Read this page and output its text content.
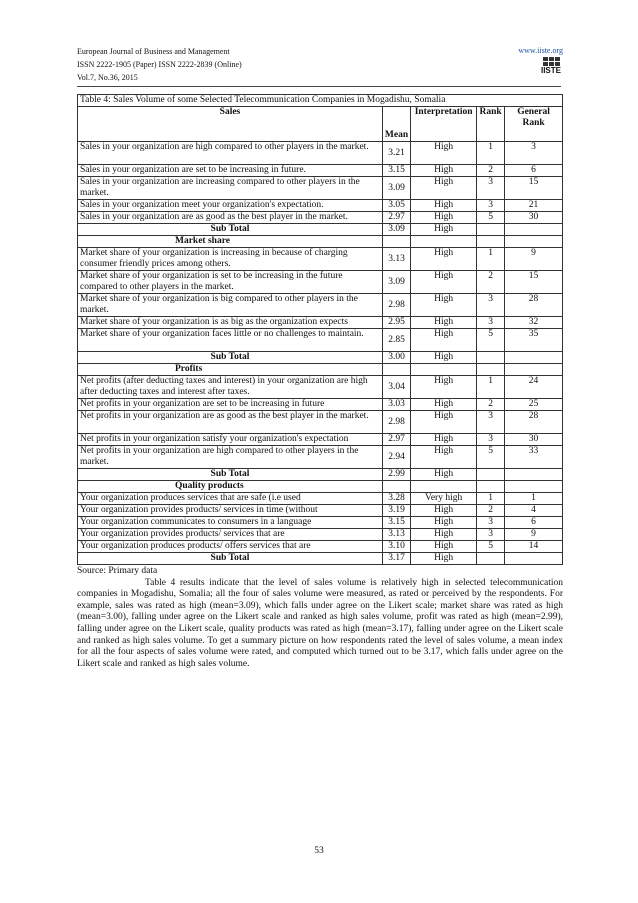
European Journal of Business and Management
ISSN 2222-1905 (Paper) ISSN 2222-2839 (Online)
Vol.7, No.36, 2015
www.iiste.org
IISTE
Table 4: Sales Volume of some Selected Telecommunication Companies in Mogadishu, Somalia				
Sales	Mean	Interpretation	Rank	General
Rank
Sales in your organization are high compared to other players in the market.	3.21	High	1	3
Sales in your organization are set to be increasing in future.	3.15	High	2	6
Sales in your organization are increasing compared to other players in the market.	3.09	High	3	15
Sales in your organization meet your organization's expectation.	3.05	High	3	21
Sales in your organization are as good as the best player in the market.	2.97	High	5	30
Sub Total	3.09	High		
Market share				
Market share of your organization is increasing in because of charging consumer friendly prices among others.	3.13	High	1	9
Market share of your organization is set to be increasing in the future compared to other players in the market.	3.09	High	2	15
Market share of your organization is big compared to other players in the market.	2.98	High	3	28
Market share of your organization is as big as the organization expects	2.95	High	3	32
Market share of your organization faces little or no challenges to maintain.	2.85	High	5	35
Sub Total	3.00	High		
Profits				
Net profits (after deducting taxes and interest) in your organization are high after deducting taxes and interest after taxes.	3.04	High	1	24
Net profits in your organization are set to be increasing in future	3.03	High	2	25
Net profits in your organization are as good as the best player in the market.	2.98	High	3	28
Net profits in your organization satisfy your organization's expectation	2.97	High	3	30
Net profits in your organization are high compared to other players in the market.	2.94	High	5	33
Sub Total	2.99	High		
Quality products				
Your organization produces services that are safe (i.e used	3.28	Very high	1	1
Your organization provides products/ services in time (without	3.19	High	2	4
Your organization communicates to consumers in a language	3.15	High	3	6
Your organization provides products/ services that are	3.13	High	3	9
Your organization produces products/ offers services that are	3.10	High	5	14
Sub Total	3.17	High		
Source: Primary data
Table 4 results indicate that the level of sales volume is relatively high in selected telecommunication companies in Mogadishu, Somalia; all the four of sales volume were measured, as rated or perceived by the respondents. For example, sales was rated as high (mean=3.09), which falls under agree on the Likert scale; market share was rated as high (mean=3.00), falling under agree on the Likert scale and ranked as high sales volume, profit was rated as high (mean=2.99), falling under agree on the Likert scale, quality products was rated as high (mean=3.17), falling under agree on the Likert scale and ranked as high sales volume. To get a summary picture on how respondents rated the level of sales volume, a mean index for all the four aspects of sales volume were rated, and computed which turned out to be 3.17, which falls under agree on the Likert scale and ranked as high sales volume.
53
